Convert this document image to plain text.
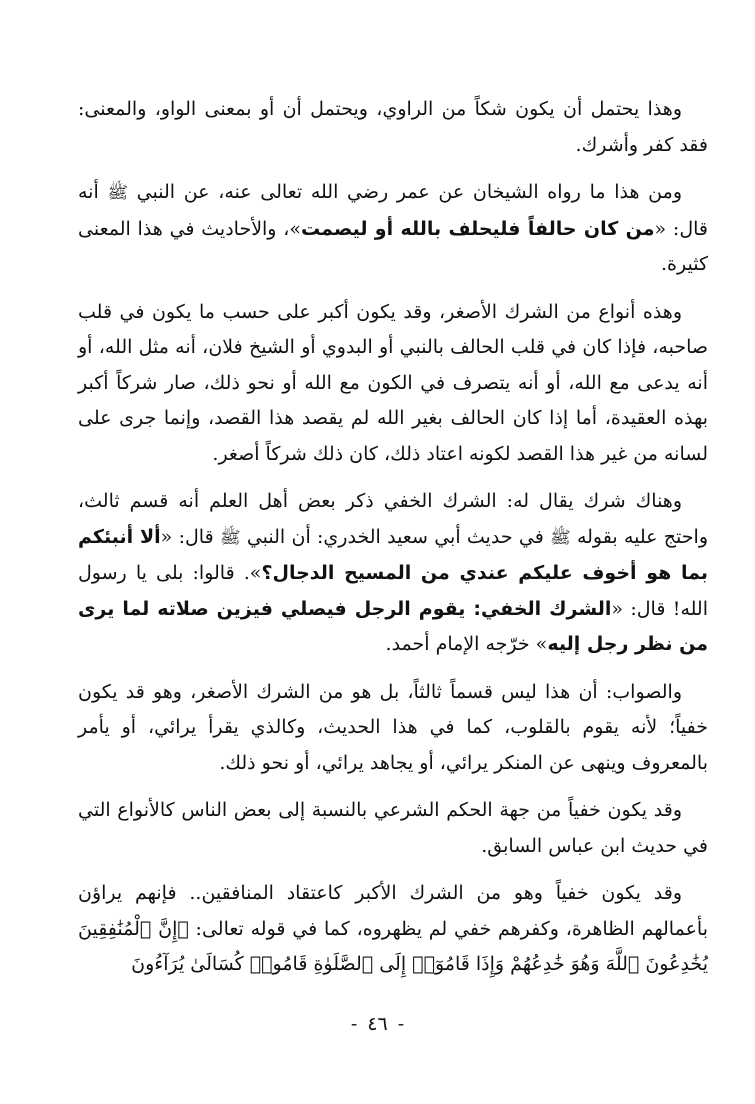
وهذا يحتمل أن يكون شكاً من الراوي، ويحتمل أن أو بمعنى الواو، والمعنى: فقد كفر وأشرك.

ومن هذا ما رواه الشيخان عن عمر رضي الله تعالى عنه، عن النبي ﷺ أنه قال: «من كان حالفاً فليحلف بالله أو ليصمت»، والأحاديث في هذا المعنى كثيرة.

وهذه أنواع من الشرك الأصغر، وقد يكون أكبر على حسب ما يكون في قلب صاحبه، فإذا كان في قلب الحالف بالنبي أو البدوي أو الشيخ فلان، أنه مثل الله، أو أنه يدعى مع الله، أو أنه يتصرف في الكون مع الله أو نحو ذلك، صار شركاً أكبر بهذه العقيدة، أما إذا كان الحالف بغير الله لم يقصد هذا القصد، وإنما جرى على لسانه من غير هذا القصد لكونه اعتاد ذلك، كان ذلك شركاً أصغر.

وهناك شرك يقال له: الشرك الخفي ذكر بعض أهل العلم أنه قسم ثالث، واحتج عليه بقوله ﷺ في حديث أبي سعيد الخدري: أن النبي ﷺ قال: «ألا أنبئكم بما هو أخوف عليكم عندي من المسيح الدجال؟». قالوا: بلى يا رسول الله! قال: «الشرك الخفي: يقوم الرجل فيصلي فيزين صلاته لما يرى من نظر رجل إليه» خرّجه الإمام أحمد.

والصواب: أن هذا ليس قسماً ثالثاً، بل هو من الشرك الأصغر، وهو قد يكون خفياً؛ لأنه يقوم بالقلوب، كما في هذا الحديث، وكالذي يقرأ يرائي، أو يأمر بالمعروف وينهى عن المنكر يرائي، أو يجاهد يرائي، أو نحو ذلك.

وقد يكون خفياً من جهة الحكم الشرعي بالنسبة إلى بعض الناس كالأنواع التي في حديث ابن عباس السابق.

وقد يكون خفياً وهو من الشرك الأكبر كاعتقاد المنافقين.. فإنهم يراؤن بأعمالهم الظاهرة، وكفرهم خفي لم يظهروه، كما في قوله تعالى: ﴿إِنَّ ٱلْمُنَٰفِقِينَ يُخَٰدِعُونَ ٱللَّهَ وَهُوَ خَٰدِعُهُمْ وَإِذَا قَامُوٓا۟ إِلَى ٱلصَّلَوٰةِ قَامُوا۟ كُسَالَىٰ يُرَآءُونَ

-٤٦-
